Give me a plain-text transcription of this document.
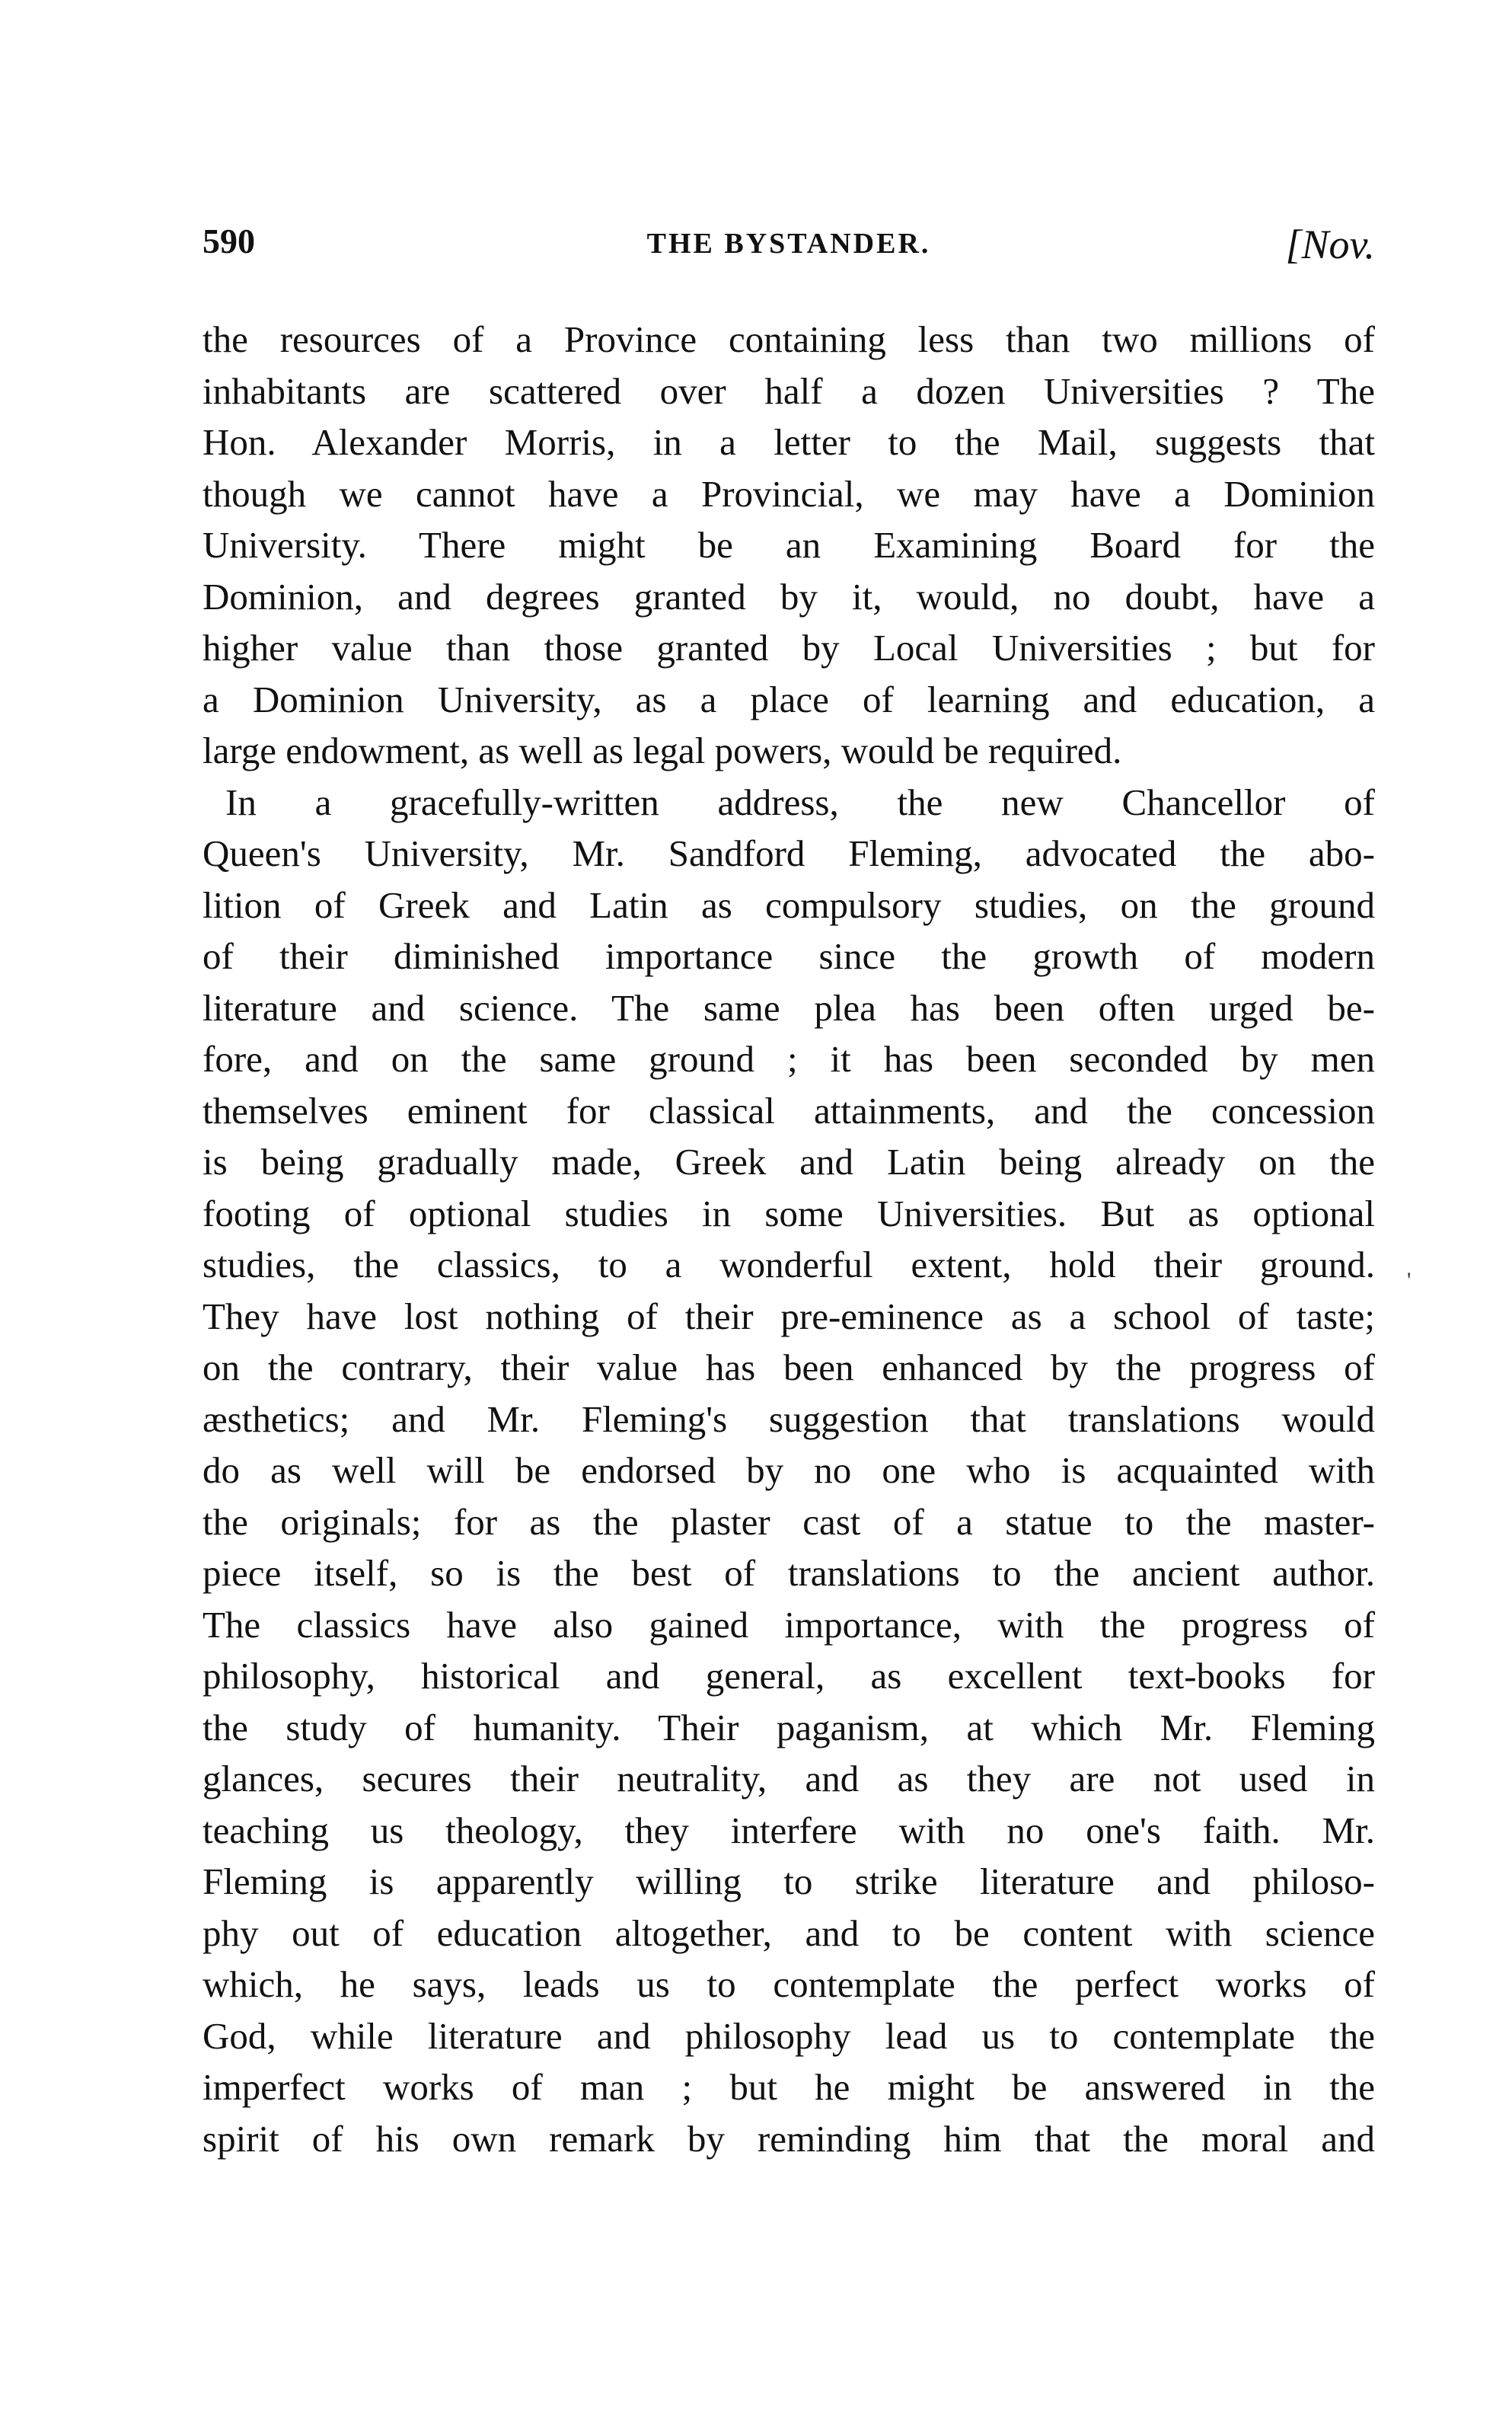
590	THE BYSTANDER.	[Nov.
the resources of a Province containing less than two millions of
inhabitants are scattered over half a dozen Universities ? The
Hon. Alexander Morris, in a letter to the Mail, suggests that
though we cannot have a Provincial, we may have a Dominion
University. There might be an Examining Board for the
Dominion, and degrees granted by it, would, no doubt, have a
higher value than those granted by Local Universities ; but for
a Dominion University, as a place of learning and education, a
large endowment, as well as legal powers, would be required.
In a gracefully-written address, the new Chancellor of
Queen's University, Mr. Sandford Fleming, advocated the abo-
lition of Greek and Latin as compulsory studies, on the ground
of their diminished importance since the growth of modern
literature and science. The same plea has been often urged be-
fore, and on the same ground ; it has been seconded by men
themselves eminent for classical attainments, and the concession
is being gradually made, Greek and Latin being already on the
footing of optional studies in some Universities. But as optional
studies, the classics, to a wonderful extent, hold their ground.
They have lost nothing of their pre-eminence as a school of taste;
on the contrary, their value has been enhanced by the progress of
æsthetics; and Mr. Fleming's suggestion that translations would
do as well will be endorsed by no one who is acquainted with
the originals; for as the plaster cast of a statue to the master-
piece itself, so is the best of translations to the ancient author.
The classics have also gained importance, with the progress of
philosophy, historical and general, as excellent text-books for
the study of humanity. Their paganism, at which Mr. Fleming
glances, secures their neutrality, and as they are not used in
teaching us theology, they interfere with no one's faith. Mr.
Fleming is apparently willing to strike literature and philoso-
phy out of education altogether, and to be content with science
which, he says, leads us to contemplate the perfect works of
God, while literature and philosophy lead us to contemplate the
imperfect works of man ; but he might be answered in the
spirit of his own remark by reminding him that the moral and
'
